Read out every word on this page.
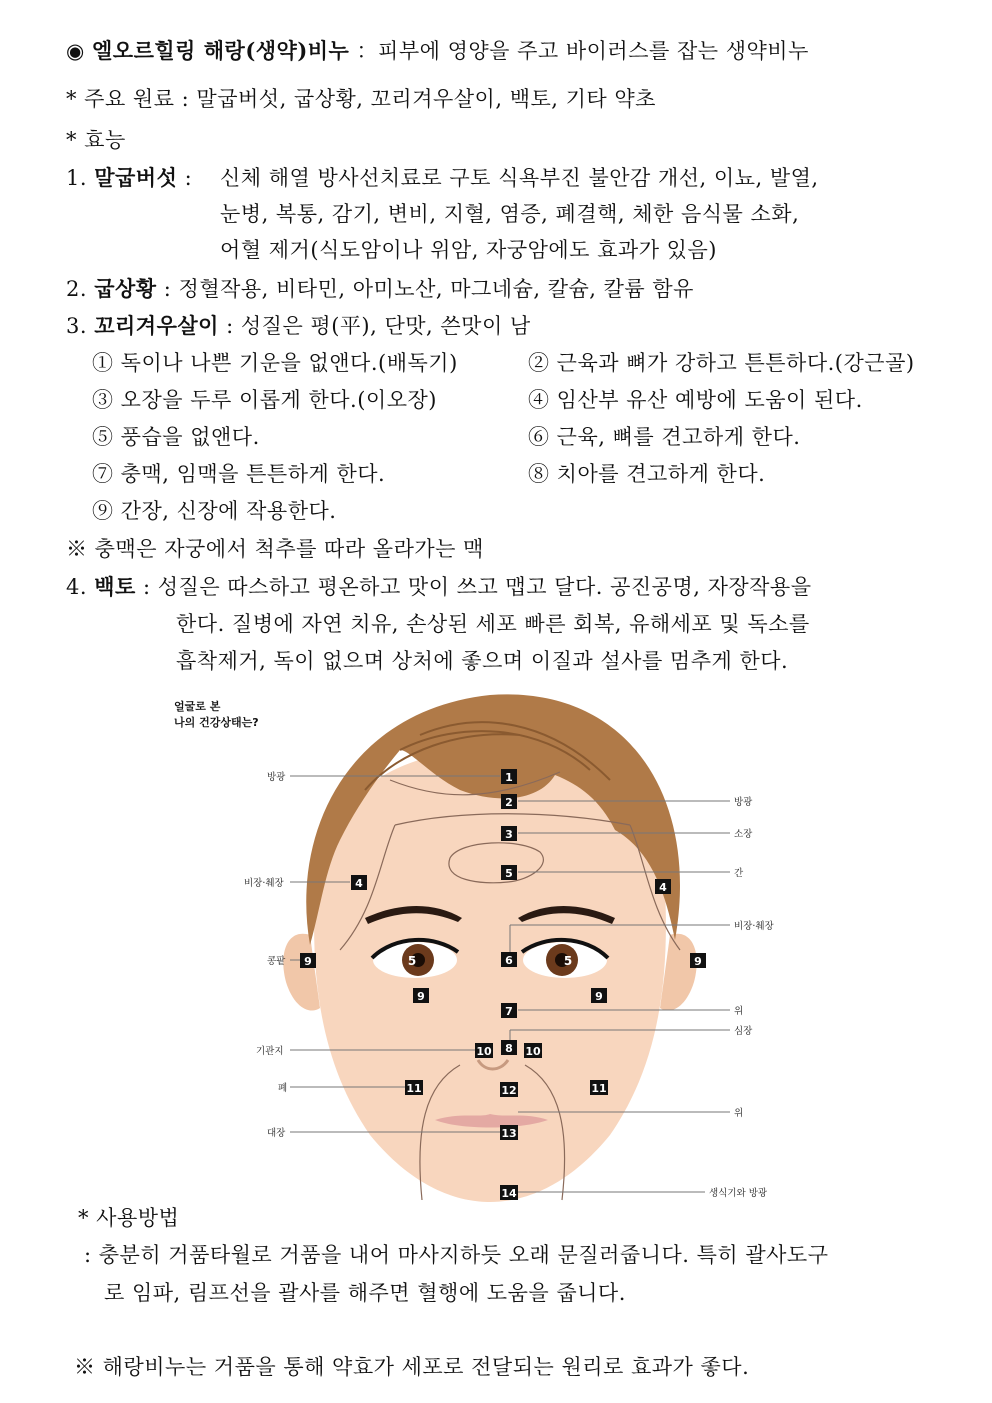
◉ 엘오르힐링 해랑(생약)비누 ：피부에 영양을 주고 바이러스를 잡는 생약비누
* 주요 원료 : 말굽버섯, 굽상황, 꼬리겨우살이, 백토, 기타 약초
* 효능
1. 말굽버섯 : 신체 해열 방사선치료로 구토 식욕부진 불안감 개선, 이뇨, 발열,
눈병, 복통, 감기, 변비, 지혈, 염증, 폐결핵, 체한 음식물 소화,
어혈 제거(식도암이나 위암, 자궁암에도 효과가 있음)
2. 굽상황 : 정혈작용, 비타민, 아미노산, 마그네슘, 칼슘, 칼륨 함유
3. 꼬리겨우살이 : 성질은 평(平), 단맛, 쓴맛이 남
① 독이나 나쁜 기운을 없앤다.(배독기)	② 근육과 뼈가 강하고 튼튼하다.(강근골)
③ 오장을 두루 이롭게 한다.(이오장)	④ 임산부 유산 예방에 도움이 된다.
⑤ 풍습을 없앤다.	⑥ 근육, 뼈를 견고하게 한다.
⑦ 충맥, 임맥을 튼튼하게 한다.	⑧ 치아를 견고하게 한다.
⑨ 간장, 신장에 작용한다.
※ 충맥은 자궁에서 척추를 따라 올라가는 맥
4. 백토 : 성질은 따스하고 평온하고 맛이 쓰고 맵고 달다. 공진공명, 자장작용을
한다. 질병에 자연 치유, 손상된 세포 빠른 회복, 유해세포 및 독소를
흡착제거, 독이 없으며 상처에 좋으며 이질과 설사를 멈추게 한다.
얼굴로 본
나의 건강상태는?
방광
방광
소장
간
비장·췌장
비장·췌장
콩팥
위
심장
기관지
폐
위
대장
생식기와 방광
1
2
3
5
4	4
6
9	9
9	9
7
8
10	10
11	11
12
13
14
5	5
* 사용방법
: 충분히 거품타월로 거품을 내어 마사지하듯 오래 문질러줍니다. 특히 괄사도구
로 임파, 림프선을 괄사를 해주면 혈행에 도움을 줍니다.
※ 해랑비누는 거품을 통해 약효가 세포로 전달되는 원리로 효과가 좋다.
